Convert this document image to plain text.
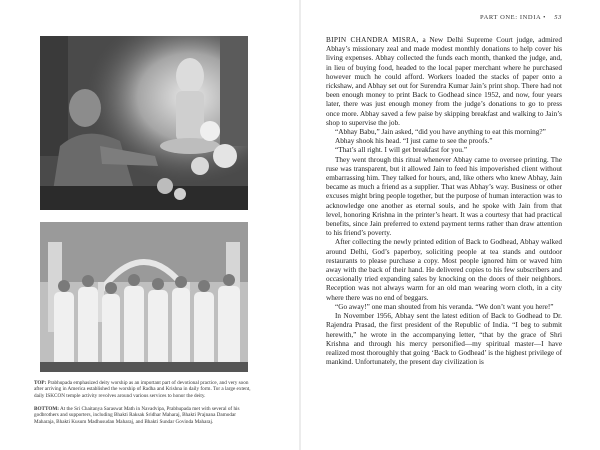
TOP: Prabhupada emphasized deity worship as an important part of devotional practice, and very soon after arriving in America established the worship of Radha and Krishna in daily form. Tor a large extent, daily ISKCON temple activity revolves around various services to honor the deity.
BOTTOM: At the Sri Chaitanya Saraswat Math in Navadvipa, Prabhupada met with several of his godbrothers and supporters, including Bhakti Raksak Sridhar Maharaj, Bhakti Prajnana Damodar Maharaja, Bhakti Kusum Madhusudan Maharaj, and Bhakti Sundar Govinda Maharaj.
PART ONE: INDIA • 53

BIPIN CHANDRA MISRA, a New Delhi Supreme Court judge, admired Abhay’s missionary zeal and made modest monthly donations to help cover his living expenses. Abhay collected the funds each month, thanked the judge, and, in lieu of buying food, headed to the local paper merchant where he purchased however much he could afford. Workers loaded the stacks of paper onto a rickshaw, and Abhay set out for Surendra Kumar Jain’s print shop. There had not been enough money to print Back to Godhead since 1952, and now, four years later, there was just enough money from the judge’s donations to go to press once more. Abhay saved a few paise by skipping breakfast and walking to Jain’s shop to supervise the job.

“Abhay Babu,” Jain asked, “did you have anything to eat this morning?”

Abhay shook his head. “I just came to see the proofs.”

“That’s all right. I will get breakfast for you.”

They went through this ritual whenever Abhay came to oversee printing. The ruse was transparent, but it allowed Jain to feed his impoverished client without embarrassing him. They talked for hours, and, like others who knew Abhay, Jain became as much a friend as a supplier. That was Abhay’s way. Business or other excuses might bring people together, but the purpose of human interaction was to acknowledge one another as eternal souls, and he spoke with Jain from that level, honoring Krishna in the printer’s heart. It was a courtesy that had practical benefits, since Jain preferred to extend payment terms rather than draw attention to his friend’s poverty.

After collecting the newly printed edition of Back to Godhead, Abhay walked around Delhi, God’s paperboy, soliciting people at tea stands and outdoor restaurants to please purchase a copy. Most people ignored him or waved him away with the back of their hand. He delivered copies to his few subscribers and occasionally tried expanding sales by knocking on the doors of their neighbors. Reception was not always warm for an old man wearing worn cloth, in a city where there was no end of beggars.

“Go away!” one man shouted from his veranda. “We don’t want you here!”

In November 1956, Abhay sent the latest edition of Back to Godhead to Dr. Rajendra Prasad, the first president of the Republic of India. “I beg to submit herewith,” he wrote in the accompanying letter, “that by the grace of Shri Krishna and through his mercy personified—my spiritual master—I have realized most thoroughly that going ‘Back to Godhead’ is the highest privilege of mankind. Unfortunately, the present day civilization is
